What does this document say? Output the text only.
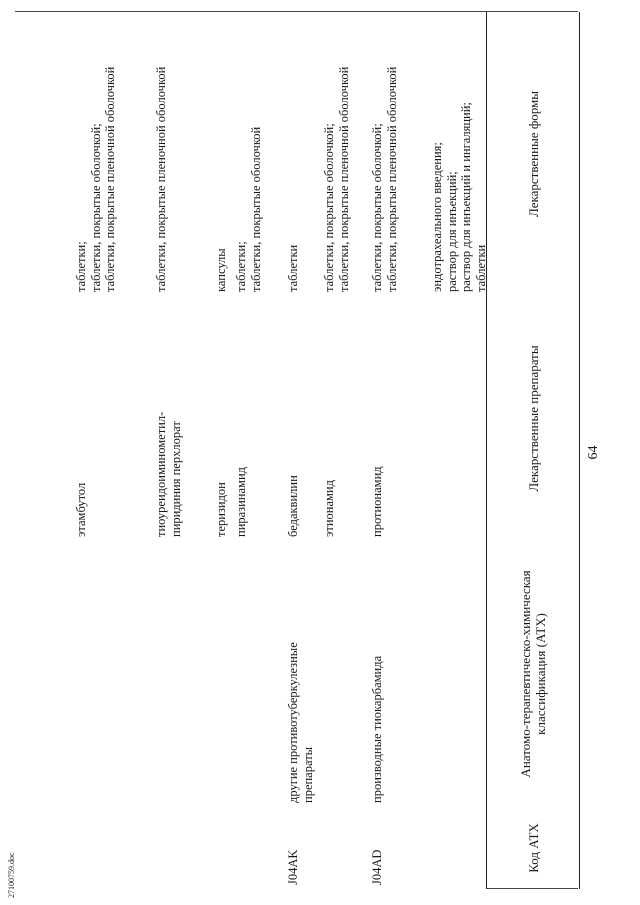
64
27100759.doc
Код АТХ
Анатомо-терапевтическо-химическая классификация (АТХ)
Лекарственные препараты
Лекарственные формы
эндотрахеального введения; раствор для инъекций; раствор для инъекций и ингаляций; таблетки
J04AD
производные тиокарбамида
протионамид
таблетки, покрытые оболочкой; таблетки, покрытые пленочной оболочкой
этионамид
таблетки, покрытые оболочкой; таблетки, покрытые пленочной оболочкой
J04AK
другие противотуберкулезные препараты
бедаквилин
таблетки
пиразинамид
таблетки; таблетки, покрытые оболочкой
теризидон
капсулы
тиоуреидоиминометил- пиридиния перхлорат
таблетки, покрытые пленочной оболочкой
этамбутол
таблетки; таблетки, покрытые оболочкой; таблетки, покрытые пленочной оболочкой
